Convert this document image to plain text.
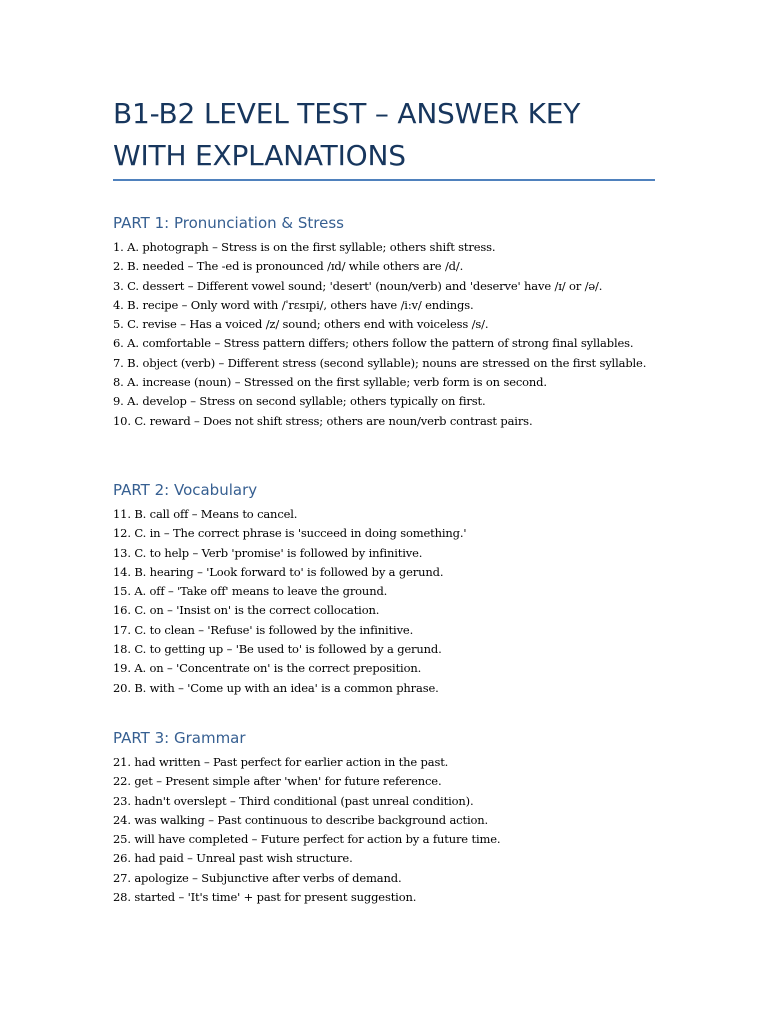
B1-B2 LEVEL TEST – ANSWER KEY WITH EXPLANATIONS
PART 1: Pronunciation & Stress
1. A. photograph – Stress is on the first syllable; others shift stress.
2. B. needed – The -ed is pronounced /ɪd/ while others are /d/.
3. C. dessert – Different vowel sound; 'desert' (noun/verb) and 'deserve' have /ɪ/ or /ə/.
4. B. recipe – Only word with /ˈrɛsɪpi/, others have /i:v/ endings.
5. C. revise – Has a voiced /z/ sound; others end with voiceless /s/.
6. A. comfortable – Stress pattern differs; others follow the pattern of strong final syllables.
7. B. object (verb) – Different stress (second syllable); nouns are stressed on the first syllable.
8. A. increase (noun) – Stressed on the first syllable; verb form is on second.
9. A. develop – Stress on second syllable; others typically on first.
10. C. reward – Does not shift stress; others are noun/verb contrast pairs.
PART 2: Vocabulary
11. B. call off – Means to cancel.
12. C. in – The correct phrase is 'succeed in doing something.'
13. C. to help – Verb 'promise' is followed by infinitive.
14. B. hearing – 'Look forward to' is followed by a gerund.
15. A. off – 'Take off' means to leave the ground.
16. C. on – 'Insist on' is the correct collocation.
17. C. to clean – 'Refuse' is followed by the infinitive.
18. C. to getting up – 'Be used to' is followed by a gerund.
19. A. on – 'Concentrate on' is the correct preposition.
20. B. with – 'Come up with an idea' is a common phrase.
PART 3: Grammar
21. had written – Past perfect for earlier action in the past.
22. get – Present simple after 'when' for future reference.
23. hadn't overslept – Third conditional (past unreal condition).
24. was walking – Past continuous to describe background action.
25. will have completed – Future perfect for action by a future time.
26. had paid – Unreal past wish structure.
27. apologize – Subjunctive after verbs of demand.
28. started – 'It's time' + past for present suggestion.
